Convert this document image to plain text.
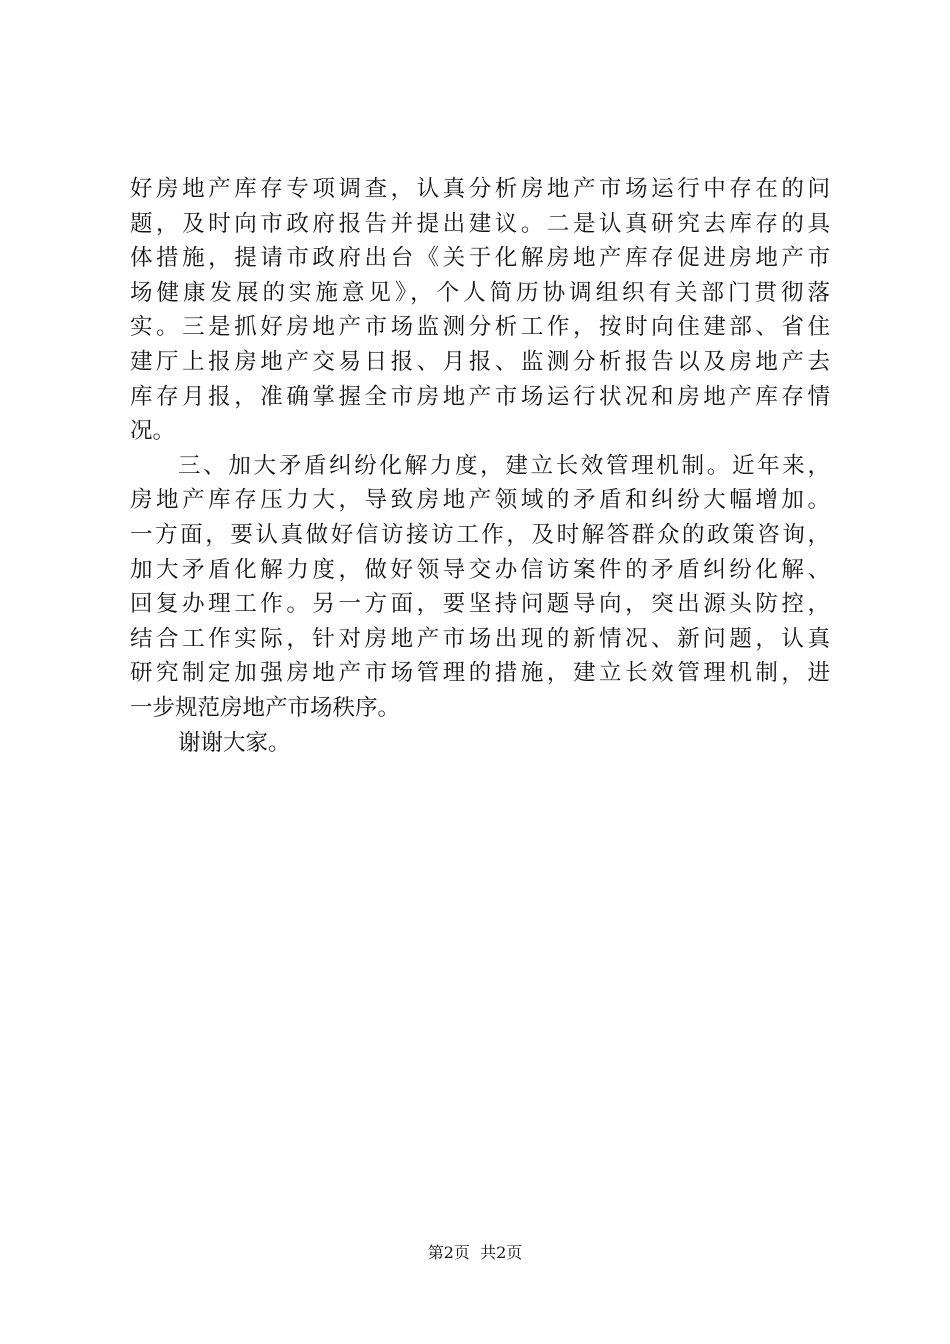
好房地产库存专项调查，认真分析房地产市场运行中存在的问
题，及时向市政府报告并提出建议。二是认真研究去库存的具
体措施，提请市政府出台《关于化解房地产库存促进房地产市
场健康发展的实施意见》，个人简历协调组织有关部门贯彻落
实。三是抓好房地产市场监测分析工作，按时向住建部、省住
建厅上报房地产交易日报、月报、监测分析报告以及房地产去
库存月报，准确掌握全市房地产市场运行状况和房地产库存情
况。
三、加大矛盾纠纷化解力度，建立长效管理机制。近年来，
房地产库存压力大，导致房地产领域的矛盾和纠纷大幅增加。
一方面，要认真做好信访接访工作，及时解答群众的政策咨询，
加大矛盾化解力度，做好领导交办信访案件的矛盾纠纷化解、
回复办理工作。另一方面，要坚持问题导向，突出源头防控，
结合工作实际，针对房地产市场出现的新情况、新问题，认真
研究制定加强房地产市场管理的措施，建立长效管理机制，进
一步规范房地产市场秩序。
谢谢大家。
第2页  共2页
